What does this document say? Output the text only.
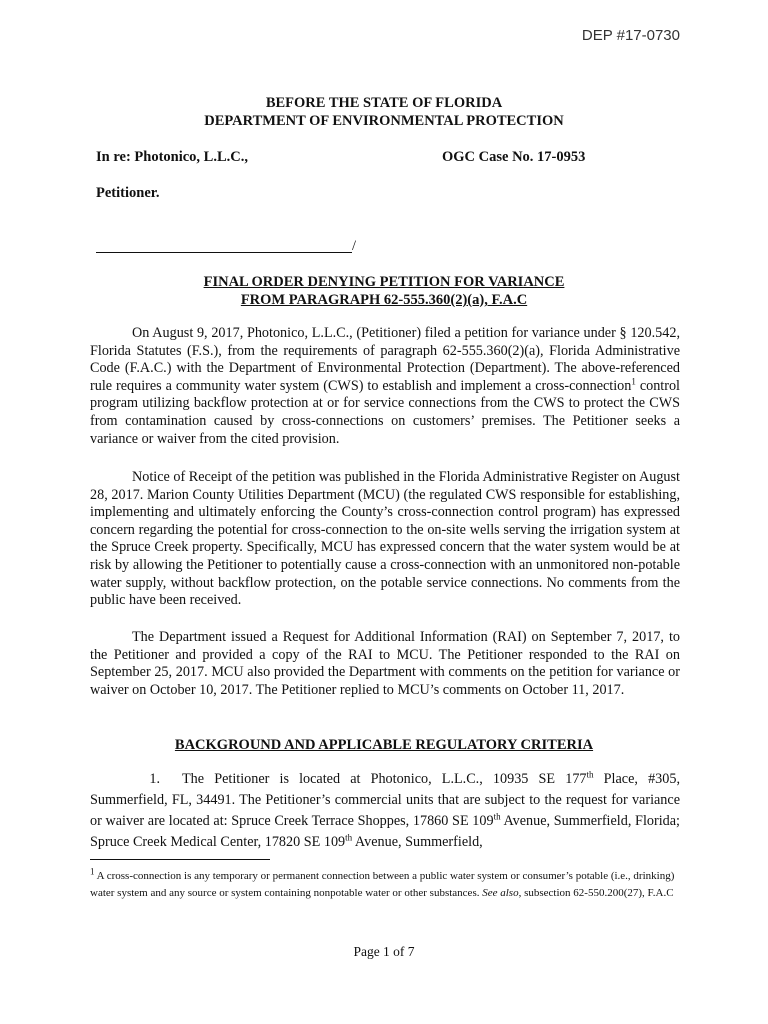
DEP #17-0730
BEFORE THE STATE OF FLORIDA
DEPARTMENT OF ENVIRONMENTAL PROTECTION
In re: Photonico, L.L.C.,	OGC Case No. 17-0953
Petitioner.
/
FINAL ORDER DENYING PETITION FOR VARIANCE
FROM PARAGRAPH 62-555.360(2)(a), F.A.C

On August 9, 2017, Photonico, L.L.C., (Petitioner) filed a petition for variance under § 120.542, Florida Statutes (F.S.), from the requirements of paragraph 62-555.360(2)(a), Florida Administrative Code (F.A.C.) with the Department of Environmental Protection (Department). The above-referenced rule requires a community water system (CWS) to establish and implement a cross-connection$^1$ control program utilizing backflow protection at or for service connections from the CWS to protect the CWS from contamination caused by cross-connections on customers’ premises. The Petitioner seeks a variance or waiver from the cited provision.

Notice of Receipt of the petition was published in the Florida Administrative Register on August 28, 2017. Marion County Utilities Department (MCU) (the regulated CWS responsible for establishing, implementing and ultimately enforcing the County’s cross-connection control program) has expressed concern regarding the potential for cross-connection to the on-site wells serving the irrigation system at the Spruce Creek property. Specifically, MCU has expressed concern that the water system would be at risk by allowing the Petitioner to potentially cause a cross-connection with an unmonitored non-potable water supply, without backflow protection, on the potable service connections. No comments from the public have been received.

The Department issued a Request for Additional Information (RAI) on September 7, 2017, to the Petitioner and provided a copy of the RAI to MCU. The Petitioner responded to the RAI on September 25, 2017. MCU also provided the Department with comments on the petition for variance or waiver on October 10, 2017. The Petitioner replied to MCU’s comments on October 11, 2017.

BACKGROUND AND APPLICABLE REGULATORY CRITERIA

1. The Petitioner is located at Photonico, L.L.C., 10935 SE 177th Place, #305, Summerfield, FL, 34491. The Petitioner’s commercial units that are subject to the request for variance or waiver are located at: Spruce Creek Terrace Shoppes, 17860 SE 109th Avenue, Summerfield, Florida; Spruce Creek Medical Center, 17820 SE 109th Avenue, Summerfield,

$^1$ A cross-connection is any temporary or permanent connection between a public water system or consumer’s potable (i.e., drinking) water system and any source or system containing nonpotable water or other substances. See also, subsection 62-550.200(27), F.A.C

Page 1 of 7
